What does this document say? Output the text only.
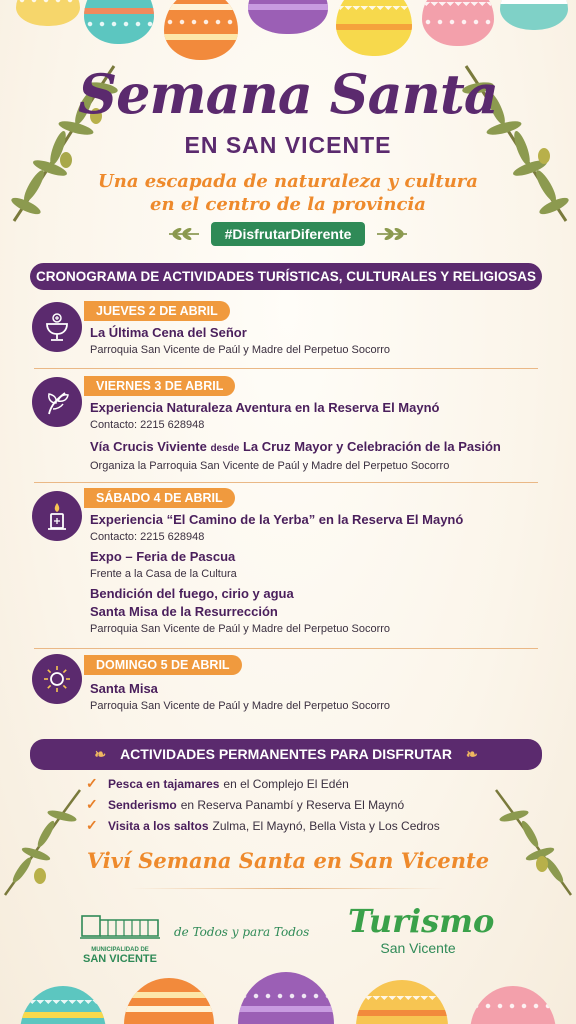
Semana Santa
EN SAN VICENTE
Una escapada de naturaleza y cultura
en el centro de la provincia
#DisfrutarDiferente
CRONOGRAMA DE ACTIVIDADES TURÍSTICAS, CULTURALES Y RELIGIOSAS
JUEVES 2 DE ABRIL
La Última Cena del Señor
Parroquia San Vicente de Paúl y Madre del Perpetuo Socorro
VIERNES 3 DE ABRIL
Experiencia Naturaleza Aventura en la Reserva El Maynó
Contacto: 2215 628948
Vía Crucis Viviente desde La Cruz Mayor y Celebración de la Pasión
Organiza la Parroquia San Vicente de Paúl y Madre del Perpetuo Socorro
SÁBADO 4 DE ABRIL
Experiencia “El Camino de la Yerba” en la Reserva El Maynó
Contacto: 2215 628948
Expo – Feria de Pascua
Frente a la Casa de la Cultura
Bendición del fuego, cirio y agua
Santa Misa de la Resurrección
Parroquia San Vicente de Paúl y Madre del Perpetuo Socorro
DOMINGO 5 DE ABRIL
Santa Misa
Parroquia San Vicente de Paúl y Madre del Perpetuo Socorro
❧ ACTIVIDADES PERMANENTES PARA DISFRUTAR ❧
✓ Pesca en tajamares en el Complejo El Edén
✓ Senderismo en Reserva Panambí y Reserva El Maynó
✓ Visita a los saltos Zulma, El Maynó, Bella Vista y Los Cedros
Viví Semana Santa en San Vicente
MUNICIPALIDAD DE
SAN VICENTE
de Todos y para Todos Turismo
San Vicente
